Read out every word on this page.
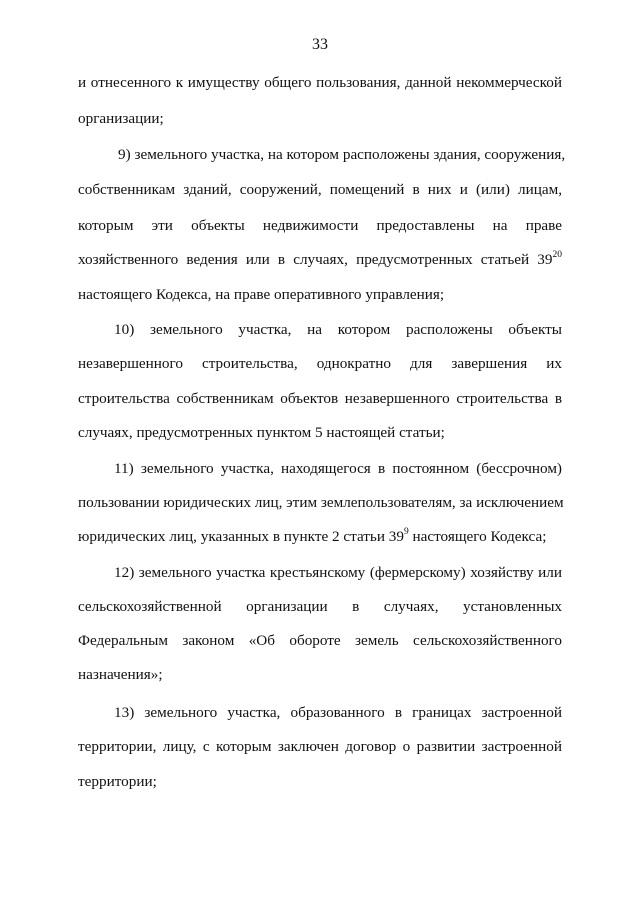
33
и отнесенного к имуществу общего пользования, данной некоммерческой
организации;
9) земельного участка, на котором расположены здания, сооружения,
собственникам зданий, сооружений, помещений в них и (или) лицам,
которым эти объекты недвижимости предоставлены на праве
хозяйственного ведения или в случаях, предусмотренных статьей $39^{20}$
настоящего Кодекса, на праве оперативного управления;
10) земельного участка, на котором расположены объекты
незавершенного строительства, однократно для завершения их
строительства собственникам объектов незавершенного строительства в
случаях, предусмотренных пунктом 5 настоящей статьи;
11) земельного участка, находящегося в постоянном (бессрочном)
пользовании юридических лиц, этим землепользователям, за исключением
юридических лиц, указанных в пункте 2 статьи $39^9$ настоящего Кодекса;
12) земельного участка крестьянскому (фермерскому) хозяйству или
сельскохозяйственной организации в случаях, установленных
Федеральным законом «Об обороте земель сельскохозяйственного
назначения»;
13) земельного участка, образованного в границах застроенной
территории, лицу, с которым заключен договор о развитии застроенной
территории;
